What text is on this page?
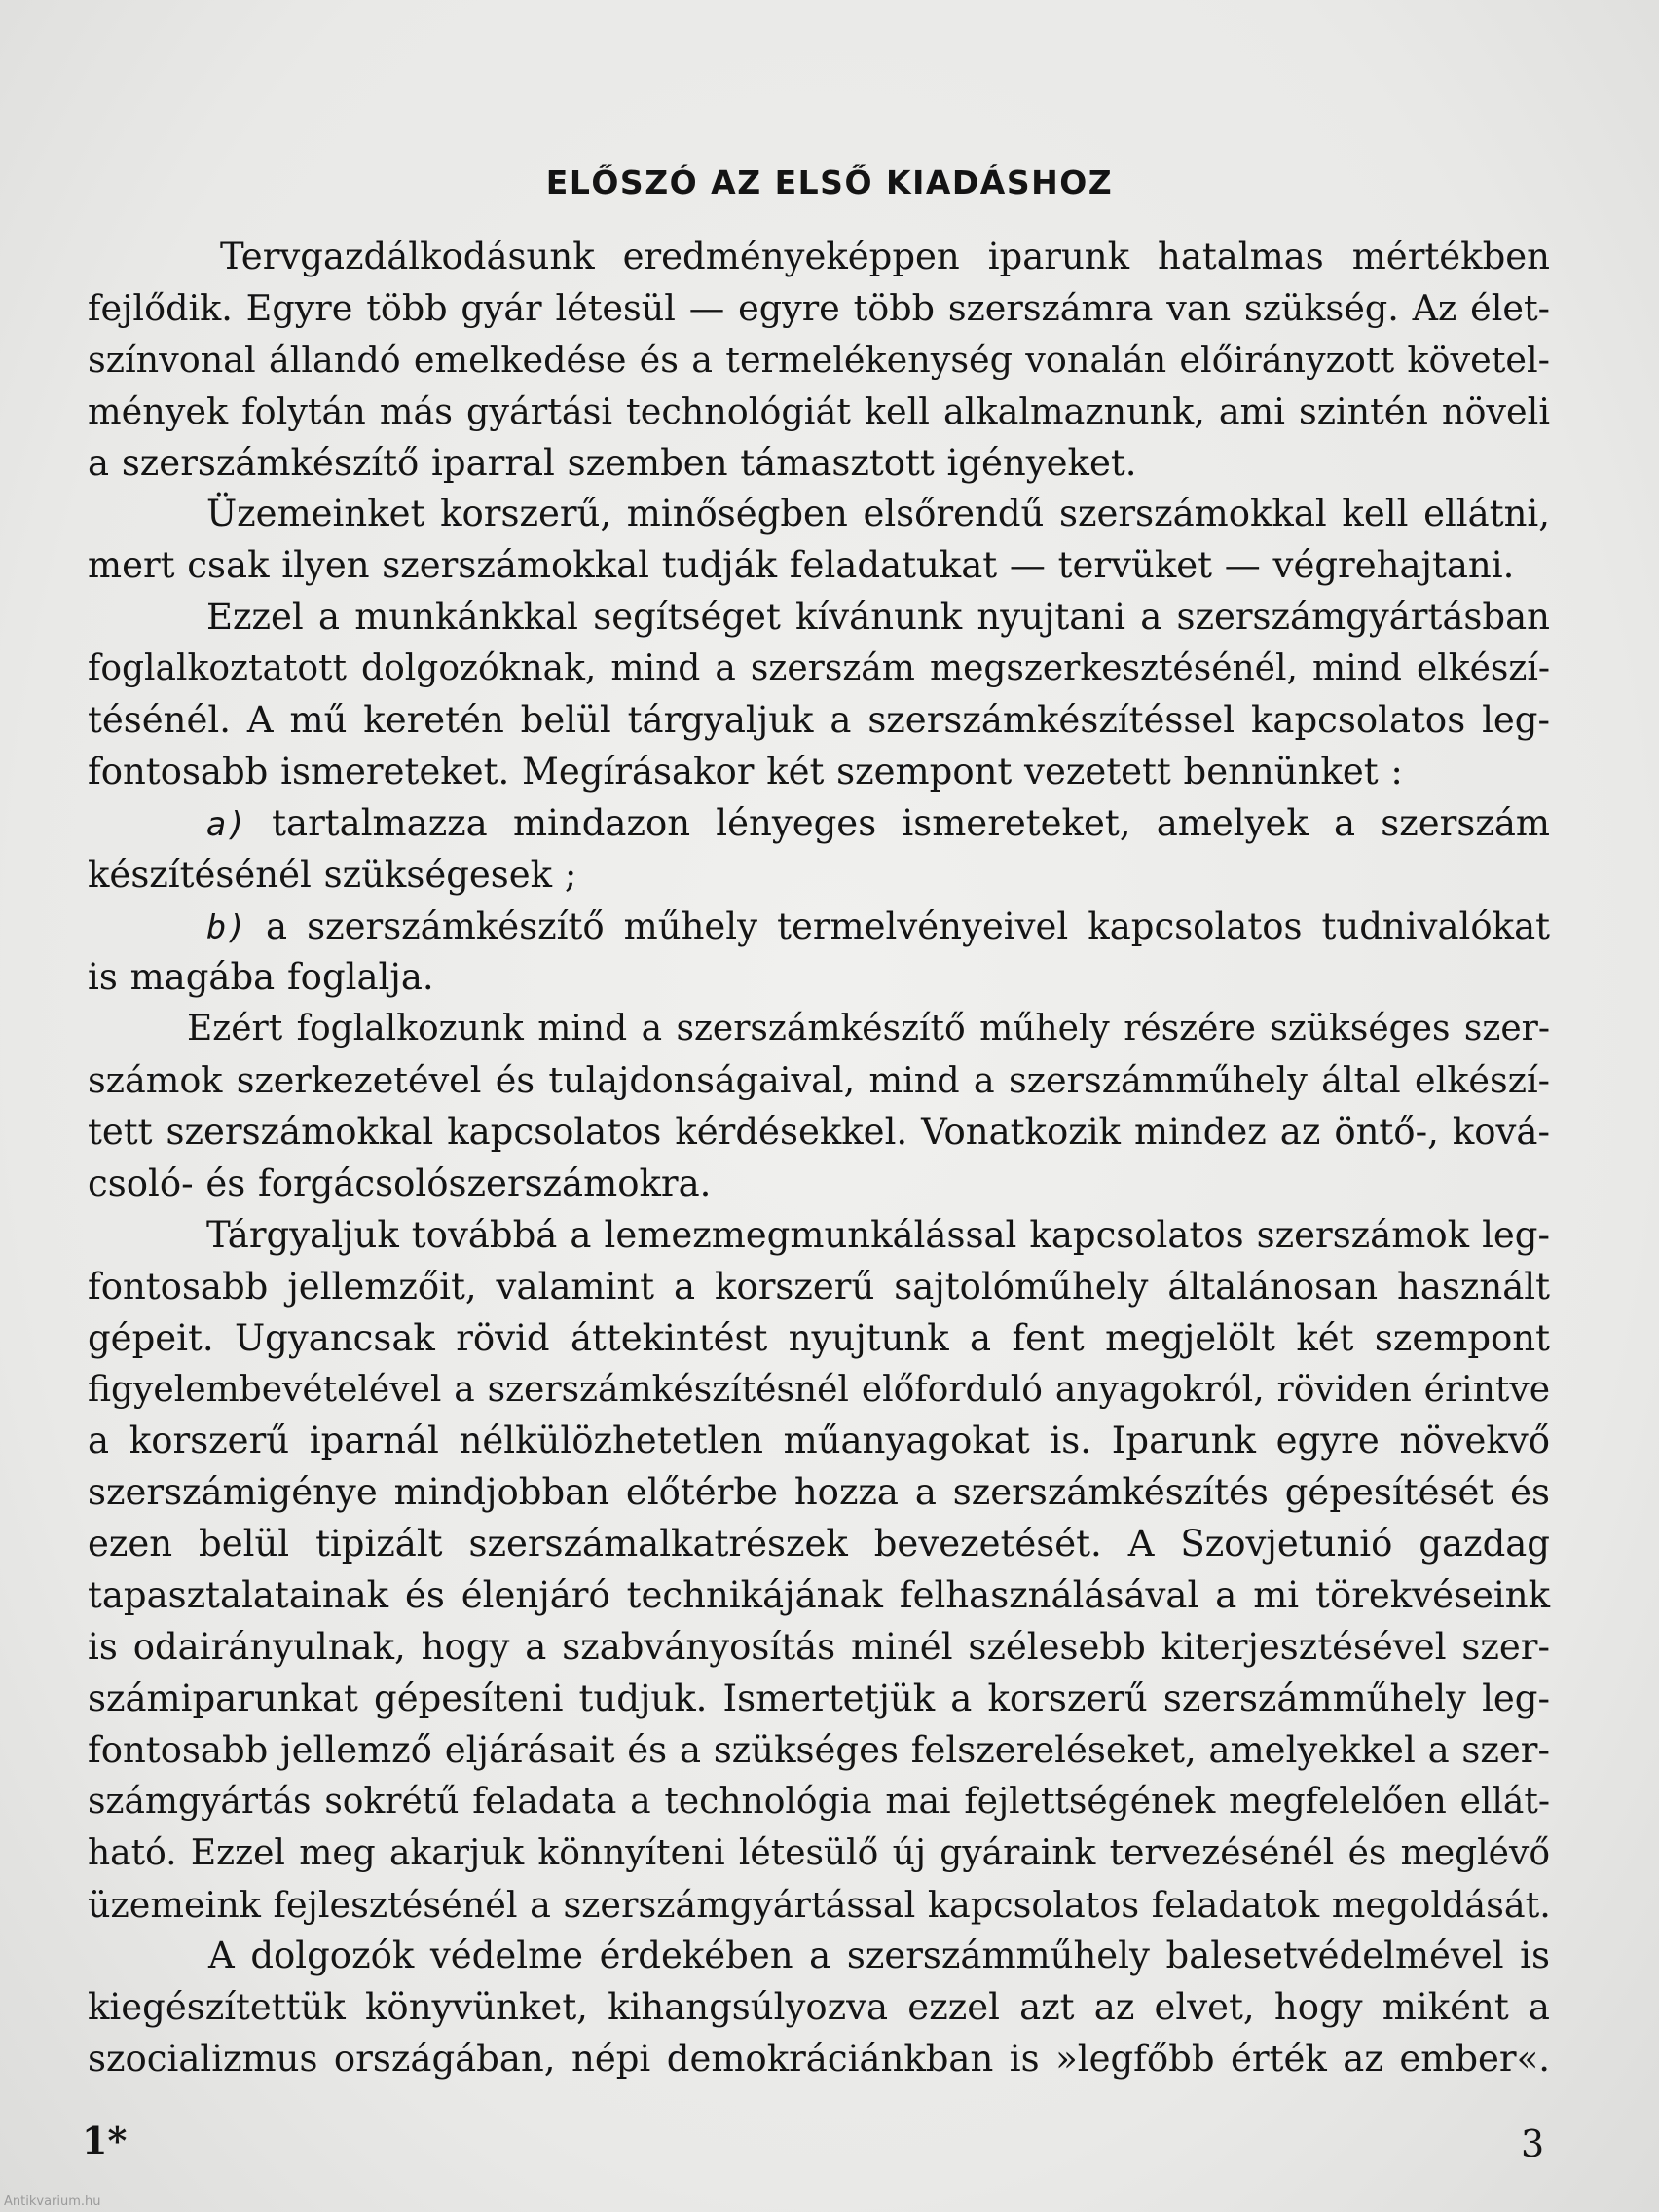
ELŐSZÓ AZ ELSŐ KIADÁSHOZ
Tervgazdálkodásunk eredményeképpen iparunk hatalmas mértékben
fejlődik. Egyre több gyár létesül — egyre több szerszámra van szükség. Az élet-
színvonal állandó emelkedése és a termelékenység vonalán előirányzott követel-
mények folytán más gyártási technológiát kell alkalmaznunk, ami szintén növeli
a szerszámkészítő iparral szemben támasztott igényeket.
Üzemeinket korszerű, minőségben elsőrendű szerszámokkal kell ellátni,
mert csak ilyen szerszámokkal tudják feladatukat — tervüket — végrehajtani.
Ezzel a munkánkkal segítséget kívánunk nyujtani a szerszámgyártásban
foglalkoztatott dolgozóknak, mind a szerszám megszerkesztésénél, mind elkészí-
tésénél. A mű keretén belül tárgyaljuk a szerszámkészítéssel kapcsolatos leg-
fontosabb ismereteket. Megírásakor két szempont vezetett bennünket :
a) tartalmazza mindazon lényeges ismereteket, amelyek a szerszám
készítésénél szükségesek ;
b) a szerszámkészítő műhely termelvényeivel kapcsolatos tudnivalókat
is magába foglalja.
Ezért foglalkozunk mind a szerszámkészítő műhely részére szükséges szer-
számok szerkezetével és tulajdonságaival, mind a szerszámműhely által elkészí-
tett szerszámokkal kapcsolatos kérdésekkel. Vonatkozik mindez az öntő-, ková-
csoló- és forgácsolószerszámokra.
Tárgyaljuk továbbá a lemezmegmunkálással kapcsolatos szerszámok leg-
fontosabb jellemzőit, valamint a korszerű sajtolóműhely általánosan használt
gépeit. Ugyancsak rövid áttekintést nyujtunk a fent megjelölt két szempont
figyelembevételével a szerszámkészítésnél előforduló anyagokról, röviden érintve
a korszerű iparnál nélkülözhetetlen műanyagokat is. Iparunk egyre növekvő
szerszámigénye mindjobban előtérbe hozza a szerszámkészítés gépesítését és
ezen belül tipizált szerszámalkatrészek bevezetését. A Szovjetunió gazdag
tapasztalatainak és élenjáró technikájának felhasználásával a mi törekvéseink
is odairányulnak, hogy a szabványosítás minél szélesebb kiterjesztésével szer-
számiparunkat gépesíteni tudjuk. Ismertetjük a korszerű szerszámműhely leg-
fontosabb jellemző eljárásait és a szükséges felszereléseket, amelyekkel a szer-
számgyártás sokrétű feladata a technológia mai fejlettségének megfelelően ellát-
ható. Ezzel meg akarjuk könnyíteni létesülő új gyáraink tervezésénél és meglévő
üzemeink fejlesztésénél a szerszámgyártással kapcsolatos feladatok megoldását.
A dolgozók védelme érdekében a szerszámműhely balesetvédelmével is
kiegészítettük könyvünket, kihangsúlyozva ezzel azt az elvet, hogy miként a
szocializmus országában, népi demokráciánkban is »legfőbb érték az ember«.
1*	3
Antikvarium.hu
